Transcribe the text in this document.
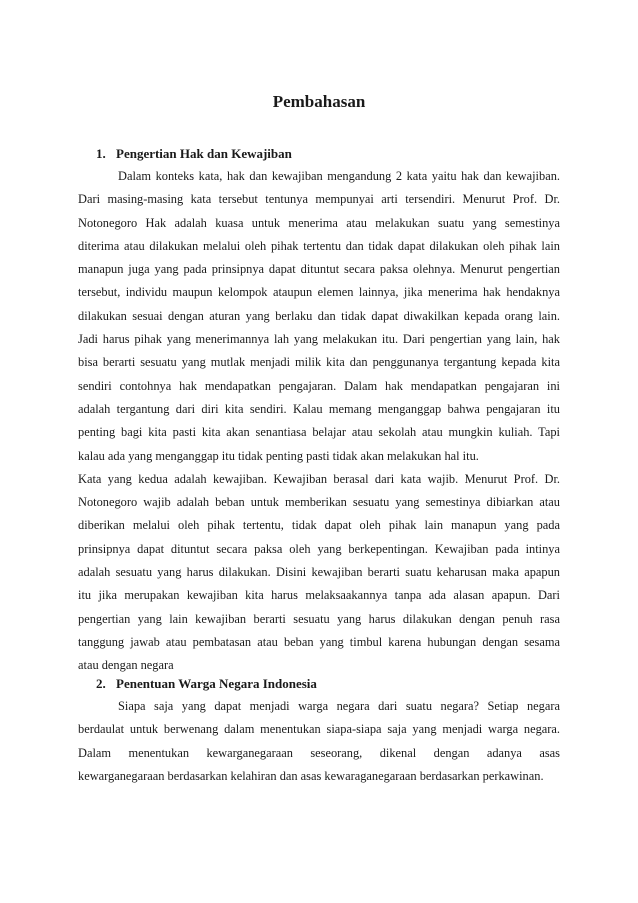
Pembahasan
1. Pengertian Hak dan Kewajiban
Dalam konteks kata, hak dan kewajiban mengandung 2 kata yaitu hak dan kewajiban.
Dari masing-masing kata tersebut tentunya mempunyai arti tersendiri. Menurut Prof. Dr.
Notonegoro Hak adalah kuasa untuk menerima atau melakukan suatu yang semestinya
diterima atau dilakukan melalui oleh pihak tertentu dan tidak dapat dilakukan oleh pihak lain
manapun juga yang pada prinsipnya dapat dituntut secara paksa olehnya. Menurut pengertian
tersebut, individu maupun kelompok ataupun elemen lainnya, jika menerima hak hendaknya
dilakukan sesuai dengan aturan yang berlaku dan tidak dapat diwakilkan kepada orang lain.
Jadi harus pihak yang menerimannya lah yang melakukan itu. Dari pengertian yang lain, hak
bisa berarti sesuatu yang mutlak menjadi milik kita dan penggunanya tergantung kepada kita
sendiri contohnya hak mendapatkan pengajaran. Dalam hak mendapatkan pengajaran ini
adalah tergantung dari diri kita sendiri. Kalau memang menganggap bahwa pengajaran itu
penting bagi kita pasti kita akan senantiasa belajar atau sekolah atau mungkin kuliah. Tapi
kalau ada yang menganggap itu tidak penting pasti tidak akan melakukan hal itu.
Kata yang kedua adalah kewajiban. Kewajiban berasal dari kata wajib. Menurut Prof. Dr.
Notonegoro wajib adalah beban untuk memberikan sesuatu yang semestinya dibiarkan atau
diberikan melalui oleh pihak tertentu, tidak dapat oleh pihak lain manapun yang pada
prinsipnya dapat dituntut secara paksa oleh yang berkepentingan. Kewajiban pada intinya
adalah sesuatu yang harus dilakukan. Disini kewajiban berarti suatu keharusan maka apapun
itu jika merupakan kewajiban kita harus melaksaakannya tanpa ada alasan apapun. Dari
pengertian yang lain kewajiban berarti sesuatu yang harus dilakukan dengan penuh rasa
tanggung jawab atau pembatasan atau beban yang timbul karena hubungan dengan sesama
atau dengan negara
2. Penentuan Warga Negara Indonesia
Siapa saja yang dapat menjadi warga negara dari suatu negara? Setiap negara
berdaulat untuk berwenang dalam menentukan siapa-siapa saja yang menjadi warga negara.
Dalam menentukan kewarganegaraan seseorang, dikenal dengan adanya asas
kewarganegaraan berdasarkan kelahiran dan asas kewaraganegaraan berdasarkan perkawinan.
